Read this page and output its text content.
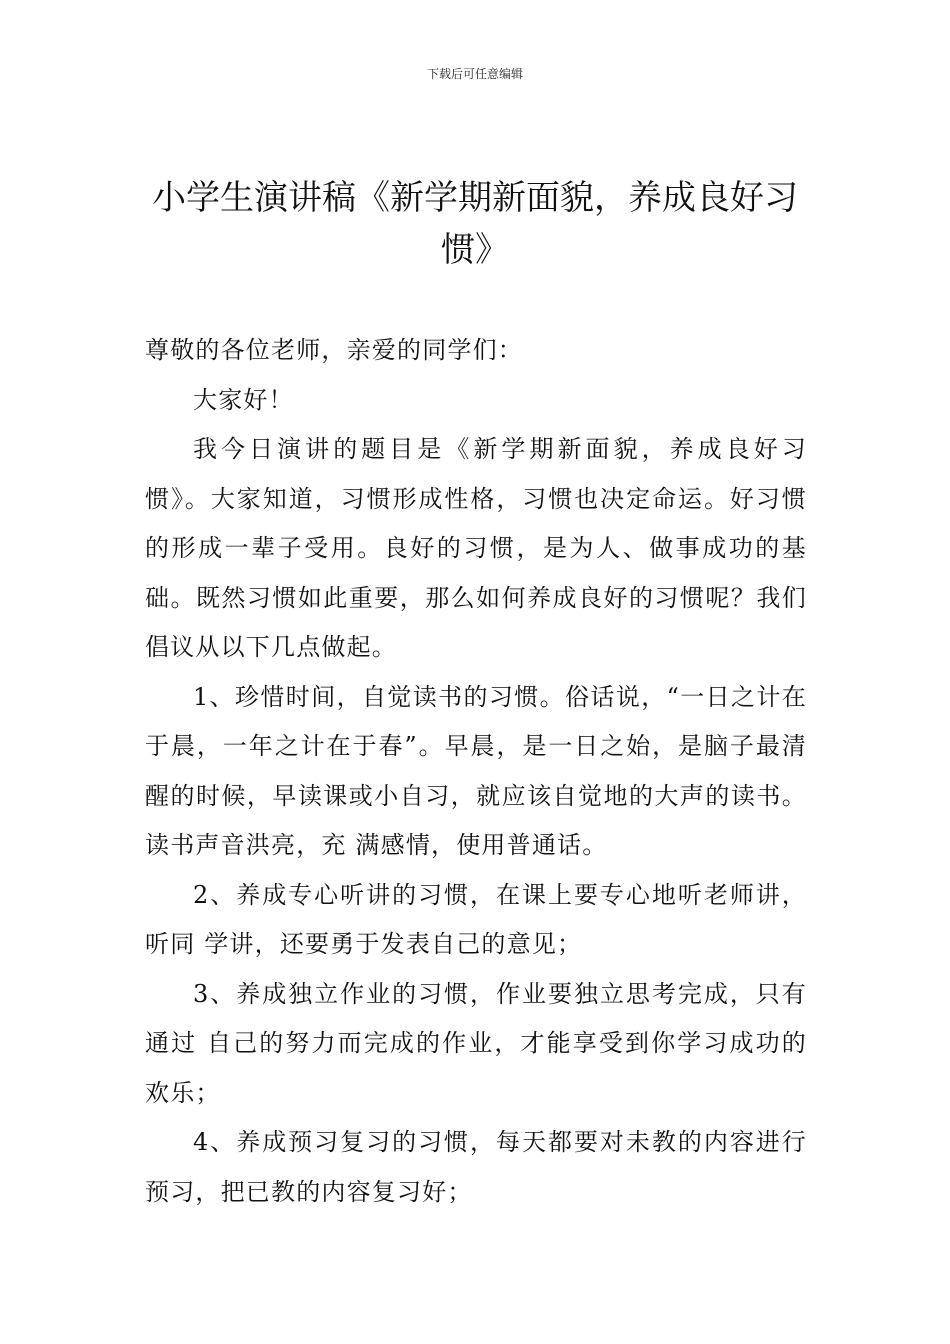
下载后可任意编辑
小学生演讲稿《新学期新面貌，养成良好习惯》

尊敬的各位老师，亲爱的同学们：

大家好！

我今日演讲的题目是《新学期新面貌，养成良好习惯》。大家知道，习惯形成性格，习惯也决定命运。好习惯的形成一辈子受用。良好的习惯，是为人、做事成功的基础。既然习惯如此重要，那么如何养成良好的习惯呢？我们倡议从以下几点做起。

1、珍惜时间，自觉读书的习惯。俗话说，“一日之计在于晨，一年之计在于春”。早晨，是一日之始，是脑子最清醒的时候，早读课或小自习，就应该自觉地的大声的读书。读书声音洪亮，充 满感情，使用普通话。

2、养成专心听讲的习惯，在课上要专心地听老师讲，听同 学讲，还要勇于发表自己的意见；

3、养成独立作业的习惯，作业要独立思考完成，只有通过 自己的努力而完成的作业，才能享受到你学习成功的欢乐；

4、养成预习复习的习惯，每天都要对未教的内容进行预习，把已教的内容复习好；
